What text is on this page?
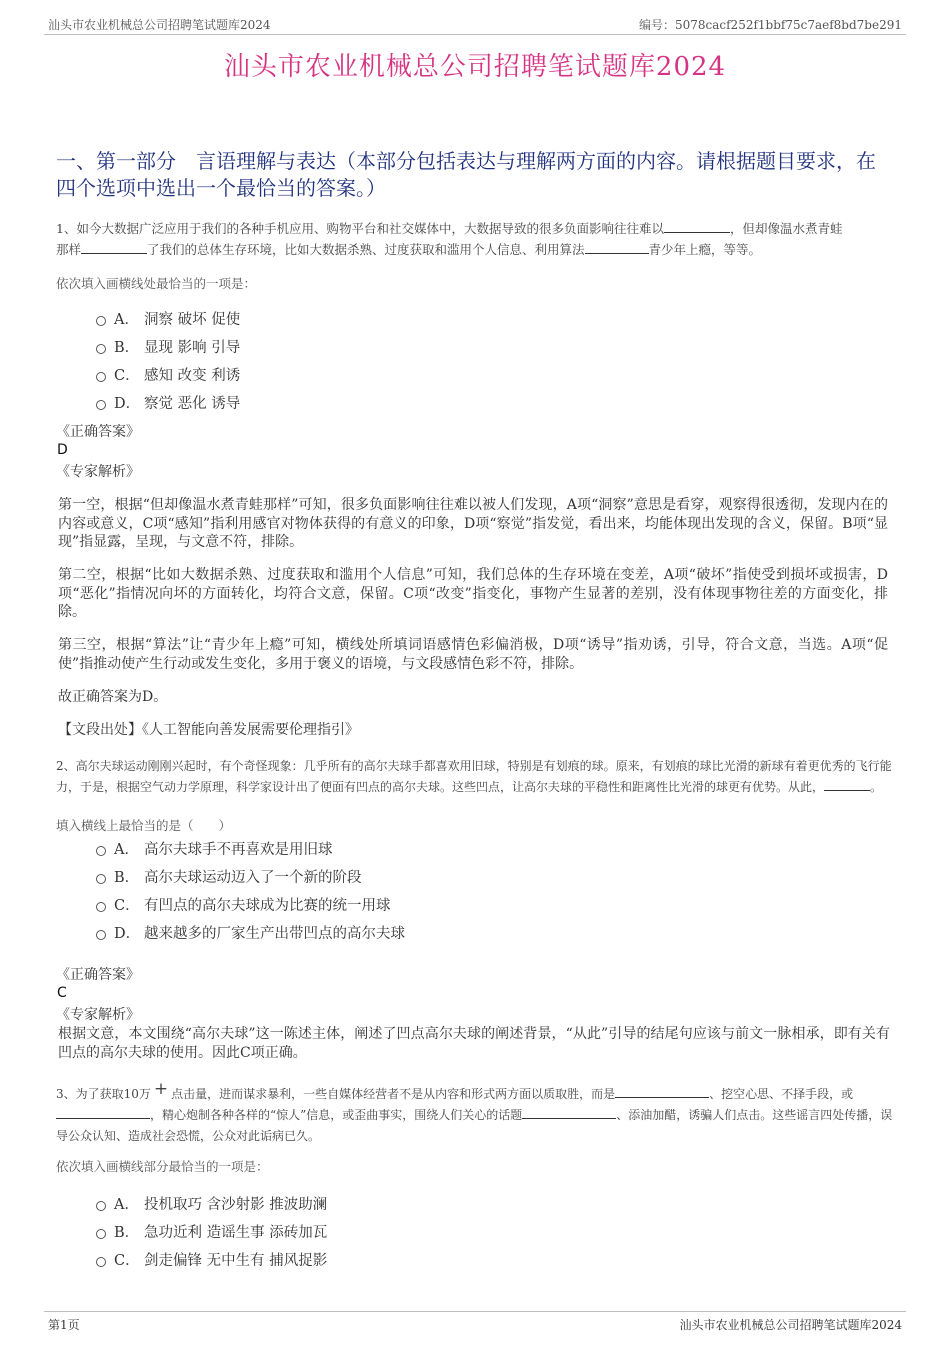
汕头市农业机械总公司招聘笔试题库2024	编号：5078cacf252f1bbf75c7aef8bd7be291
汕头市农业机械总公司招聘笔试题库2024
一、第一部分　言语理解与表达（本部分包括表达与理解两方面的内容。请根据题目要求，在四个选项中选出一个最恰当的答案。）
1、如今大数据广泛应用于我们的各种手机应用、购物平台和社交媒体中，大数据导致的很多负面影响往往难以	，但却像温水煮青蛙
那样	了我们的总体生存环境，比如大数据杀熟、过度获取和滥用个人信息、利用算法	青少年上瘾，等等。
依次填入画横线处最恰当的一项是：
A． 洞察 破坏 促使
B． 显现 影响 引导
C． 感知 改变 利诱
D． 察觉 恶化 诱导
《正确答案》
D
《专家解析》
第一空，根据“但却像温水煮青蛙那样”可知，很多负面影响往往难以被人们发现，A项“洞察”意思是看穿，观察得很透彻，发现内在的内容或意义，C项“感知”指利用感官对物体获得的有意义的印象，D项“察觉”指发觉，看出来，均能体现出发现的含义，保留。B项“显现”指显露，呈现，与文意不符，排除。
第二空，根据“比如大数据杀熟、过度获取和滥用个人信息”可知，我们总体的生存环境在变差，A项“破坏”指使受到损坏或损害，D项“恶化”指情况向坏的方面转化，均符合文意，保留。C项“改变”指变化，事物产生显著的差别，没有体现事物往差的方面变化，排除。
第三空，根据“算法”让“青少年上瘾”可知，横线处所填词语感情色彩偏消极，D项“诱导”指劝诱，引导，符合文意，当选。A项“促使”指推动使产生行动或发生变化，多用于褒义的语境，与文段感情色彩不符，排除。
故正确答案为D。
【文段出处】《人工智能向善发展需要伦理指引》
2、高尔夫球运动刚刚兴起时，有个奇怪现象：几乎所有的高尔夫球手都喜欢用旧球，特别是有划痕的球。原来，有划痕的球比光滑的新球有着更优秀的飞行能力，于是，根据空气动力学原理，科学家设计出了便面有凹点的高尔夫球。这些凹点，让高尔夫球的平稳性和距离性比光滑的球更有优势。从此，	。
填入横线上最恰当的是（　　）
A． 高尔夫球手不再喜欢是用旧球
B． 高尔夫球运动迈入了一个新的阶段
C． 有凹点的高尔夫球成为比赛的统一用球
D． 越来越多的厂家生产出带凹点的高尔夫球
《正确答案》
C
《专家解析》
根据文意，本文围绕“高尔夫球”这一陈述主体，阐述了凹点高尔夫球的阐述背景，“从此”引导的结尾句应该与前文一脉相承，即有关有凹点的高尔夫球的使用。因此C项正确。
3、为了获取10万 + 点击量，进而谋求暴利，一些自媒体经营者不是从内容和形式两方面以质取胜，而是	、挖空心思、不择手段，或，精心炮制各种各样的“惊人”信息，或歪曲事实，围绕人们关心的话题	、添油加醋，诱骗人们点击。这些谣言四处传播，误导公众认知、造成社会恐慌，公众对此诟病已久。
依次填入画横线部分最恰当的一项是：
A． 投机取巧 含沙射影 推波助澜
B． 急功近利 造谣生事 添砖加瓦
C． 剑走偏锋 无中生有 捕风捉影
第1页	汕头市农业机械总公司招聘笔试题库2024
